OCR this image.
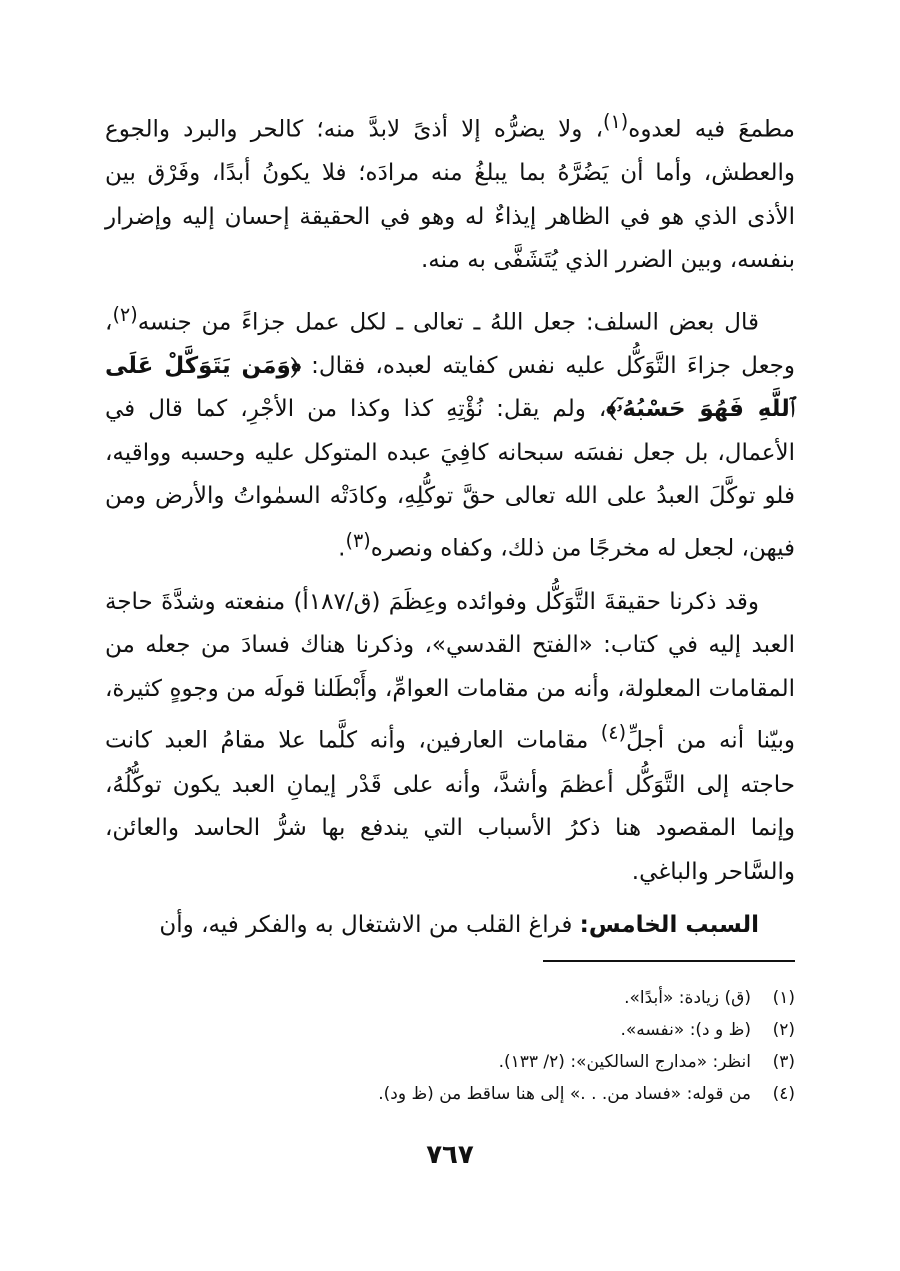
مطمعَ فيه لعدوه$^{(١)}$، ولا يضرُّه إلا أذىً لابدَّ منه؛ كالحر والبرد والجوع والعطش، وأما أن يَضُرَّهُ بما يبلغُ منه مرادَه؛ فلا يكونُ أبدًا، وفَرْق بين الأذى الذي هو في الظاهر إيذاءٌ له وهو في الحقيقة إحسان إليه وإضرار بنفسه، وبين الضرر الذي يُتَشَفَّى به منه.

قال بعض السلف: جعل اللهُ ـ تعالى ـ لكل عمل جزاءً من جنسه$^{(٢)}$، وجعل جزاءَ التَّوَكُّل عليه نفس كفايته لعبده، فقال: ﴿وَمَن يَتَوَكَّلْ عَلَى ٱللَّهِ فَهُوَ حَسْبُهُۥٓ﴾، ولم يقل: نُؤْتِهِ كذا وكذا من الأجْرِ، كما قال في الأعمال، بل جعل نفسَه سبحانه كافِيَ عبده المتوكل عليه وحسبه وواقيه، فلو توكَّلَ العبدُ على الله تعالى حقَّ توكُّلِهِ، وكادَتْه السمٰواتُ والأرض ومن فيهن، لجعل له مخرجًا من ذلك، وكفاه ونصره$^{(٣)}$.

وقد ذكرنا حقيقةَ التَّوَكُّل وفوائده وعِظَمَ (ق/١٨٧أ) منفعته وشدَّةَ حاجة العبد إليه في كتاب: «الفتح القدسي»، وذكرنا هناك فسادَ من جعله من المقامات المعلولة، وأنه من مقامات العوامِّ، وأَبْطَلنا قولَه من وجوهٍ كثيرة، وبيّنا أنه من أجلِّ$^{(٤)}$ مقامات العارفين، وأنه كلَّما علا مقامُ العبد كانت حاجته إلى التَّوَكُّل أعظمَ وأشدَّ، وأنه على قَدْر إيمانِ العبد يكون توكُّلُهُ، وإنما المقصود هنا ذكرُ الأسباب التي يندفع بها شرُّ الحاسد والعائن، والسَّاحر والباغي.

السبب الخامس: فراغ القلب من الاشتغال به والفكر فيه، وأن

(١)(ق) زيادة: «أبدًا».

(٢)(ظ و د): «نفسه».

(٣)انظر: «مدارج السالكين»: (٢/ ١٣٣).

(٤)من قوله: «فساد من. . .» إلى هنا ساقط من (ظ ود).

٧٦٧
